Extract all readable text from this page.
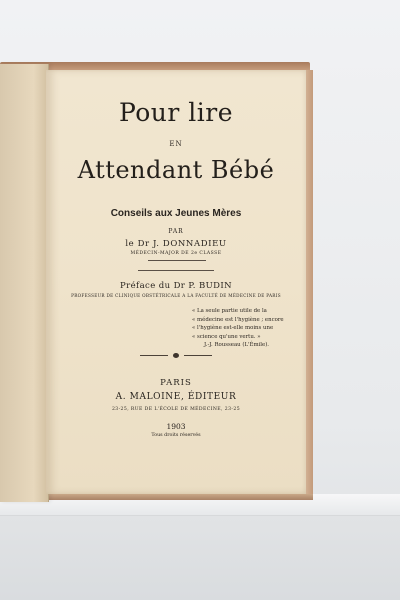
Pour lire
EN
Attendant Bébé
Conseils aux Jeunes Mères
PAR
le Dr J. DONNADIEU
MÉDECIN-MAJOR DE 2e CLASSE
Préface du Dr P. BUDIN
PROFESSEUR DE CLINIQUE OBSTÉTRICALE A LA FACULTÉ DE MÉDECINE DE PARIS
« La seule partie utile de la
« médecine est l'hygiène ; encore
« l'hygiène est-elle moins une
« science qu'une vertu. »
J.-J. Rousseau (L'Émile).
PARIS
A. MALOINE, ÉDITEUR
23-25, RUE DE L'ÉCOLE DE MÉDECINE, 23-25
1903
Tous droits réservés
